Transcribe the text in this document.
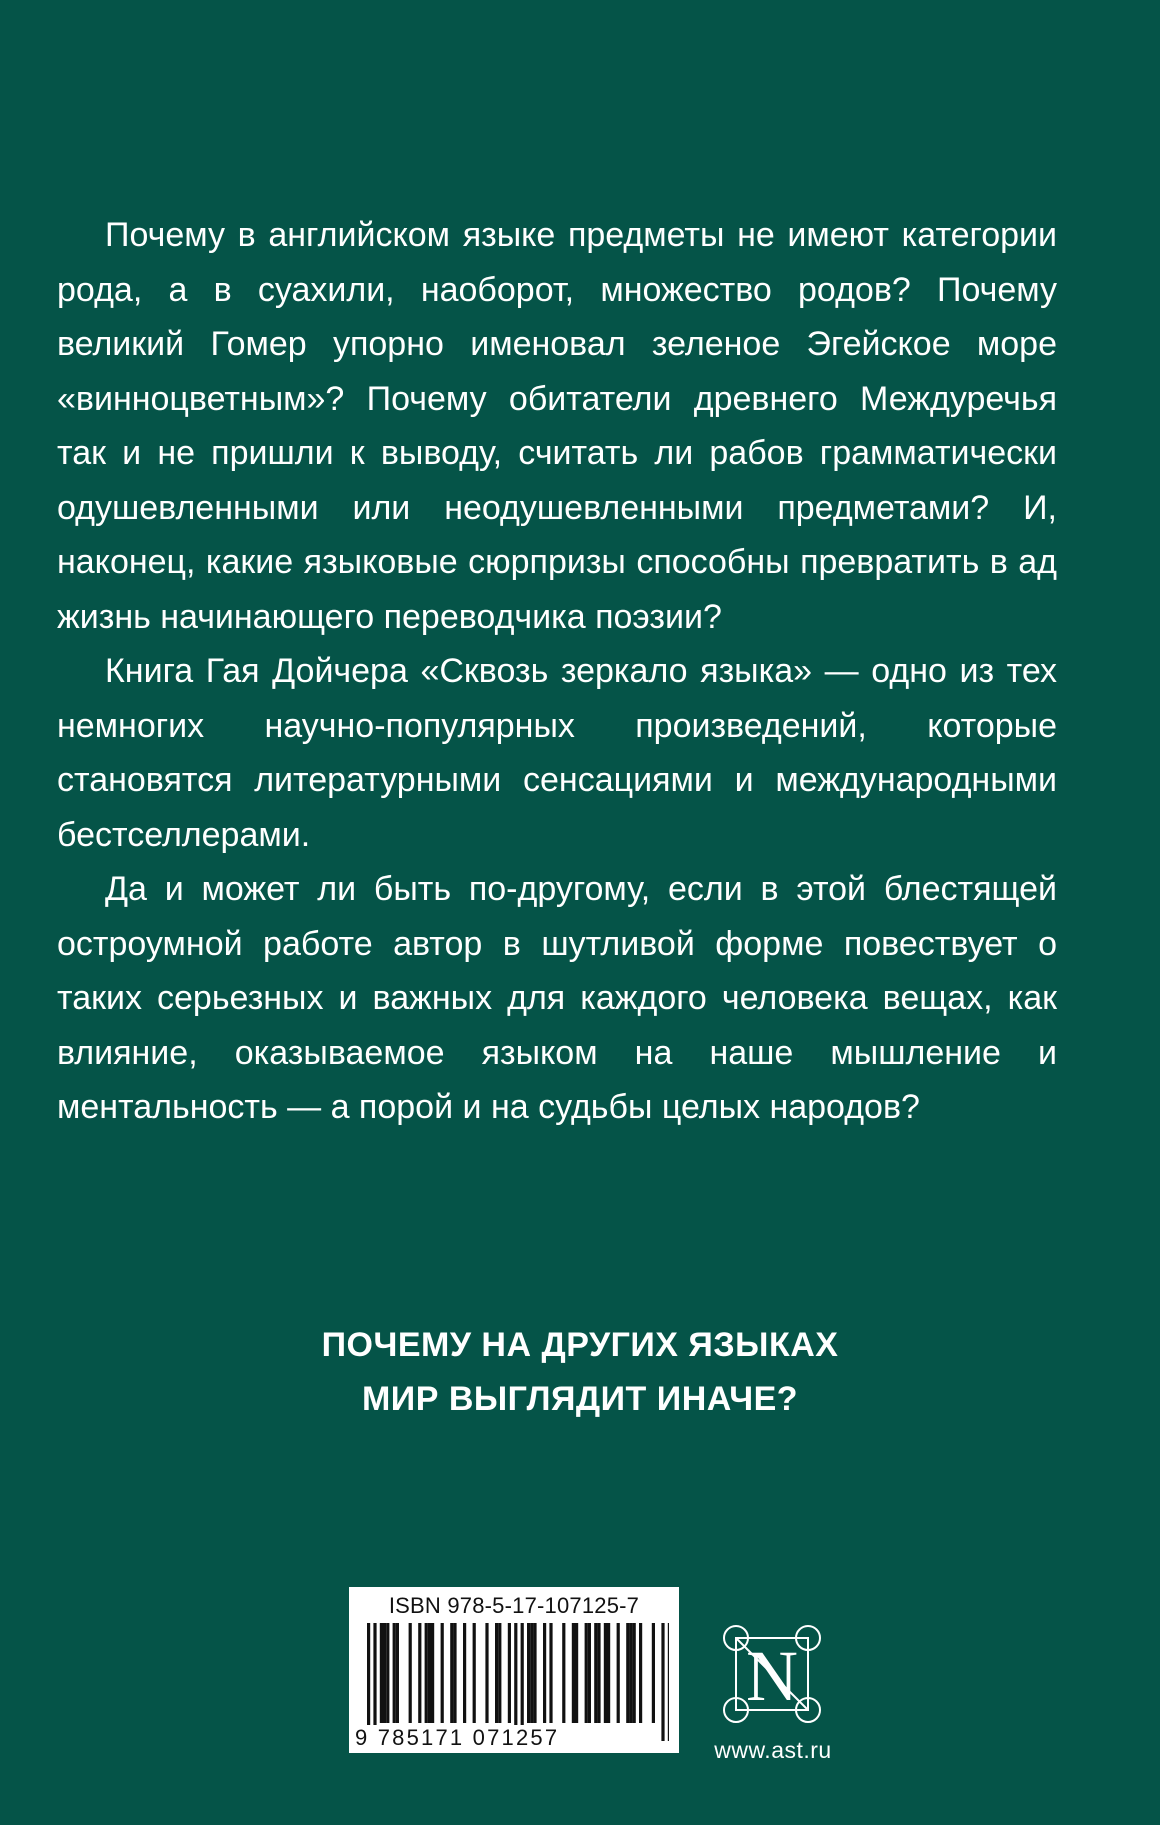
Почему в английском языке предметы не имеют категории рода, а в суахили, наоборот, множество родов? Почему великий Гомер упорно именовал зеленое Эгейское море «винноцветным»? Почему обитатели древнего Междуречья так и не пришли к выводу, считать ли рабов грамматически одушевленными или неодушевленными предметами? И, наконец, какие языковые сюрпризы способны превратить в ад жизнь начинающего переводчика поэзии?

Книга Гая Дойчера «Сквозь зеркало языка» — одно из тех немногих научно-популярных произведений, которые становятся литературными сенсациями и международными бестселлерами.

Да и может ли быть по-другому, если в этой блестящей остроумной работе автор в шутливой форме повествует о таких серьезных и важных для каждого человека вещах, как влияние, оказываемое языком на наше мышление и ментальность — а порой и на судьбы целых народов?

ПОЧЕМУ НА ДРУГИХ ЯЗЫКАХ
МИР ВЫГЛЯДИТ ИНАЧЕ?
ISBN 978-5-17-107125-7
9 785171 071257
N
www.ast.ru
